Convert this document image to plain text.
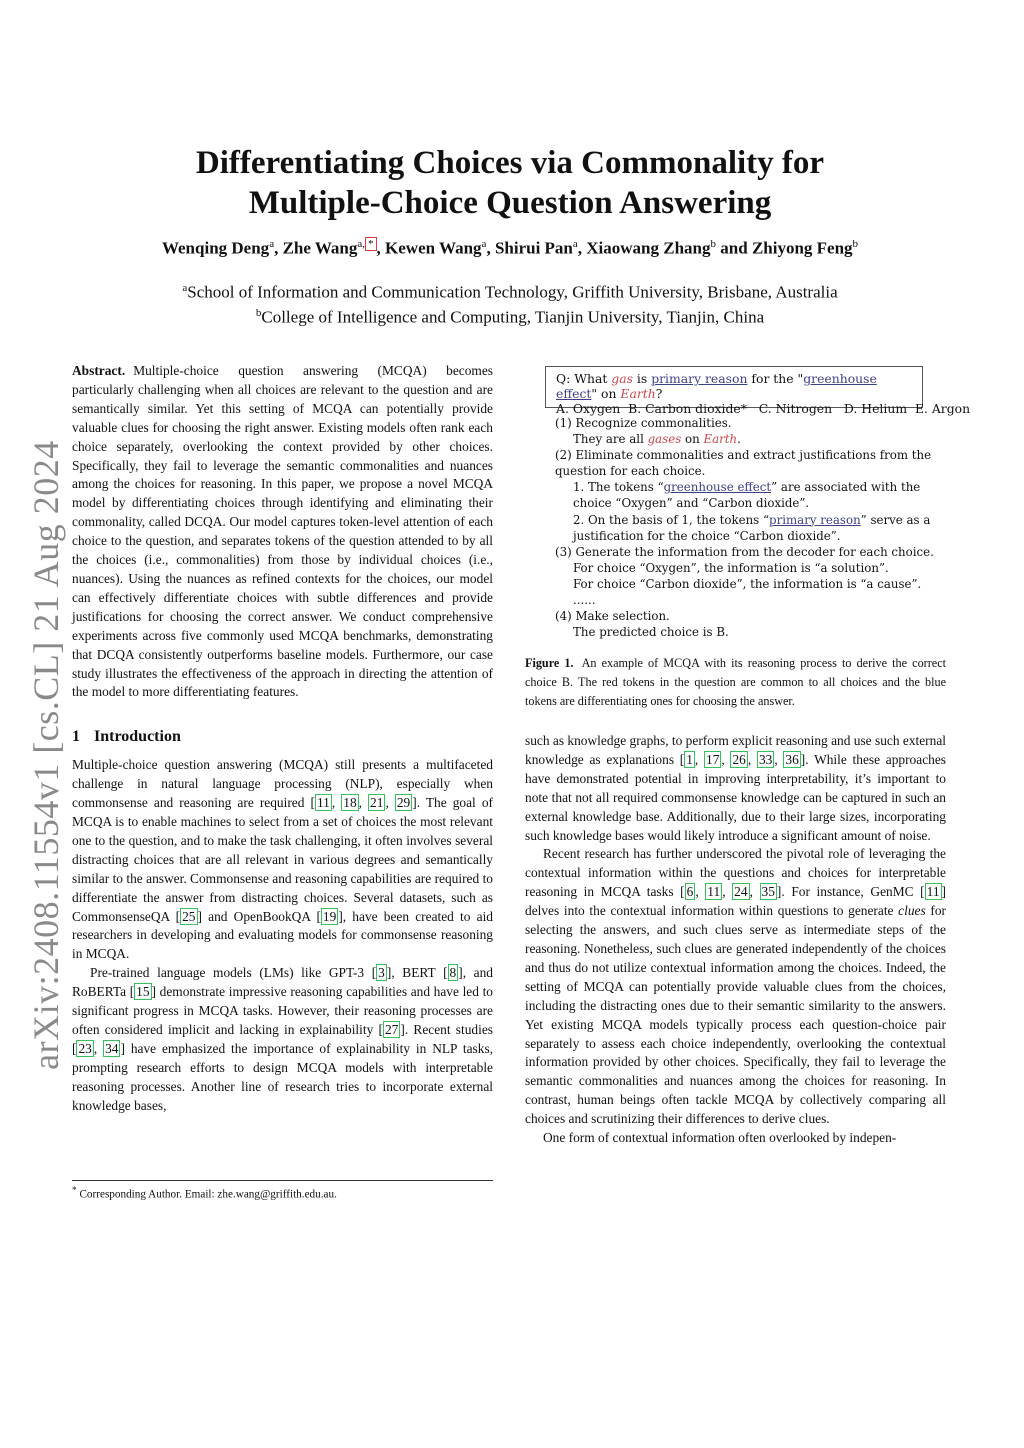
arXiv:2408.11554v1 [cs.CL] 21 Aug 2024
Differentiating Choices via Commonality for
Multiple-Choice Question Answering
Wenqing Deng$^a$, Zhe Wang$^{a,}$ * , Kewen Wang$^a$, Shirui Pan$^a$, Xiaowang Zhang$^b$ and Zhiyong Feng$^b$
$^a$School of Information and Communication Technology, Griffith University, Brisbane, Australia
$^b$College of Intelligence and Computing, Tianjin University, Tianjin, China

Abstract. Multiple-choice question answering (MCQA) becomes particularly challenging when all choices are relevant to the question and are semantically similar. Yet this setting of MCQA can potentially provide valuable clues for choosing the right answer. Existing models often rank each choice separately, overlooking the context provided by other choices. Specifically, they fail to leverage the semantic commonalities and nuances among the choices for reasoning. In this paper, we propose a novel MCQA model by differentiating choices through identifying and eliminating their commonality, called DCQA. Our model captures token-level attention of each choice to the question, and separates tokens of the question attended to by all the choices (i.e., commonalities) from those by individual choices (i.e., nuances). Using the nuances as refined contexts for the choices, our model can effectively differentiate choices with subtle differences and provide justifications for choosing the correct answer. We conduct comprehensive experiments across five commonly used MCQA benchmarks, demonstrating that DCQA consistently outperforms baseline models. Furthermore, our case study illustrates the effectiveness of the approach in directing the attention of the model to more differentiating features.

1 Introduction

Multiple-choice question answering (MCQA) still presents a multifaceted challenge in natural language processing (NLP), especially when commonsense and reasoning are required [ 11 , 18 , 21 , 29 ]. The goal of MCQA is to enable machines to select from a set of choices the most relevant one to the question, and to make the task challenging, it often involves several distracting choices that are all relevant in various degrees and semantically similar to the answer. Commonsense and reasoning capabilities are required to differentiate the answer from distracting choices. Several datasets, such as CommonsenseQA [ 25 ] and OpenBookQA [ 19 ], have been created to aid researchers in developing and evaluating models for commonsense reasoning in MCQA.

Pre-trained language models (LMs) like GPT-3 [ 3 ], BERT [ 8 ], and RoBERTa [ 15 ] demonstrate impressive reasoning capabilities and have led to significant progress in MCQA tasks. However, their reasoning processes are often considered implicit and lacking in explainability [ 27 ]. Recent studies [ 23 , 34 ] have emphasized the importance of explainability in NLP tasks, prompting research efforts to design MCQA models with interpretable reasoning processes. Another line of research tries to incorporate external knowledge bases,

* Corresponding Author. Email: zhe.wang@griffith.edu.au.
Q: What gas is primary reason for the "greenhouse effect" on Earth?
A. Oxygen  B. Carbon dioxide*   C. Nitrogen   D. Helium  E. Argon

(1) Recognize commonalities.

They are all gases on Earth.

(2) Eliminate commonalities and extract justifications from the question for each choice.

1. The tokens “greenhouse effect” are associated with the choice “Oxygen” and “Carbon dioxide”.

2. On the basis of 1, the tokens “primary reason” serve as a justification for the choice “Carbon dioxide”.

(3) Generate the information from the decoder for each choice.

For choice “Oxygen”, the information is “a solution”.

For choice “Carbon dioxide”, the information is “a cause”.

......

(4) Make selection.

The predicted choice is B.

Figure 1. An example of MCQA with its reasoning process to derive the correct choice B. The red tokens in the question are common to all choices and the blue tokens are differentiating ones for choosing the answer.

such as knowledge graphs, to perform explicit reasoning and use such external knowledge as explanations [ 1 , 17 , 26 , 33 , 36 ]. While these approaches have demonstrated potential in improving interpretability, it’s important to note that not all required commonsense knowledge can be captured in such an external knowledge base. Additionally, due to their large sizes, incorporating such knowledge bases would likely introduce a significant amount of noise.

Recent research has further underscored the pivotal role of leveraging the contextual information within the questions and choices for interpretable reasoning in MCQA tasks [ 6 , 11 , 24 , 35 ]. For instance, GenMC [ 11 ] delves into the contextual information within questions to generate clues for selecting the answers, and such clues serve as intermediate steps of the reasoning. Nonetheless, such clues are generated independently of the choices and thus do not utilize contextual information among the choices. Indeed, the setting of MCQA can potentially provide valuable clues from the choices, including the distracting ones due to their semantic similarity to the answers. Yet existing MCQA models typically process each question-choice pair separately to assess each choice independently, overlooking the contextual information provided by other choices. Specifically, they fail to leverage the semantic commonalities and nuances among the choices for reasoning. In contrast, human beings often tackle MCQA by collectively comparing all choices and scrutinizing their differences to derive clues.

One form of contextual information often overlooked by indepen-
